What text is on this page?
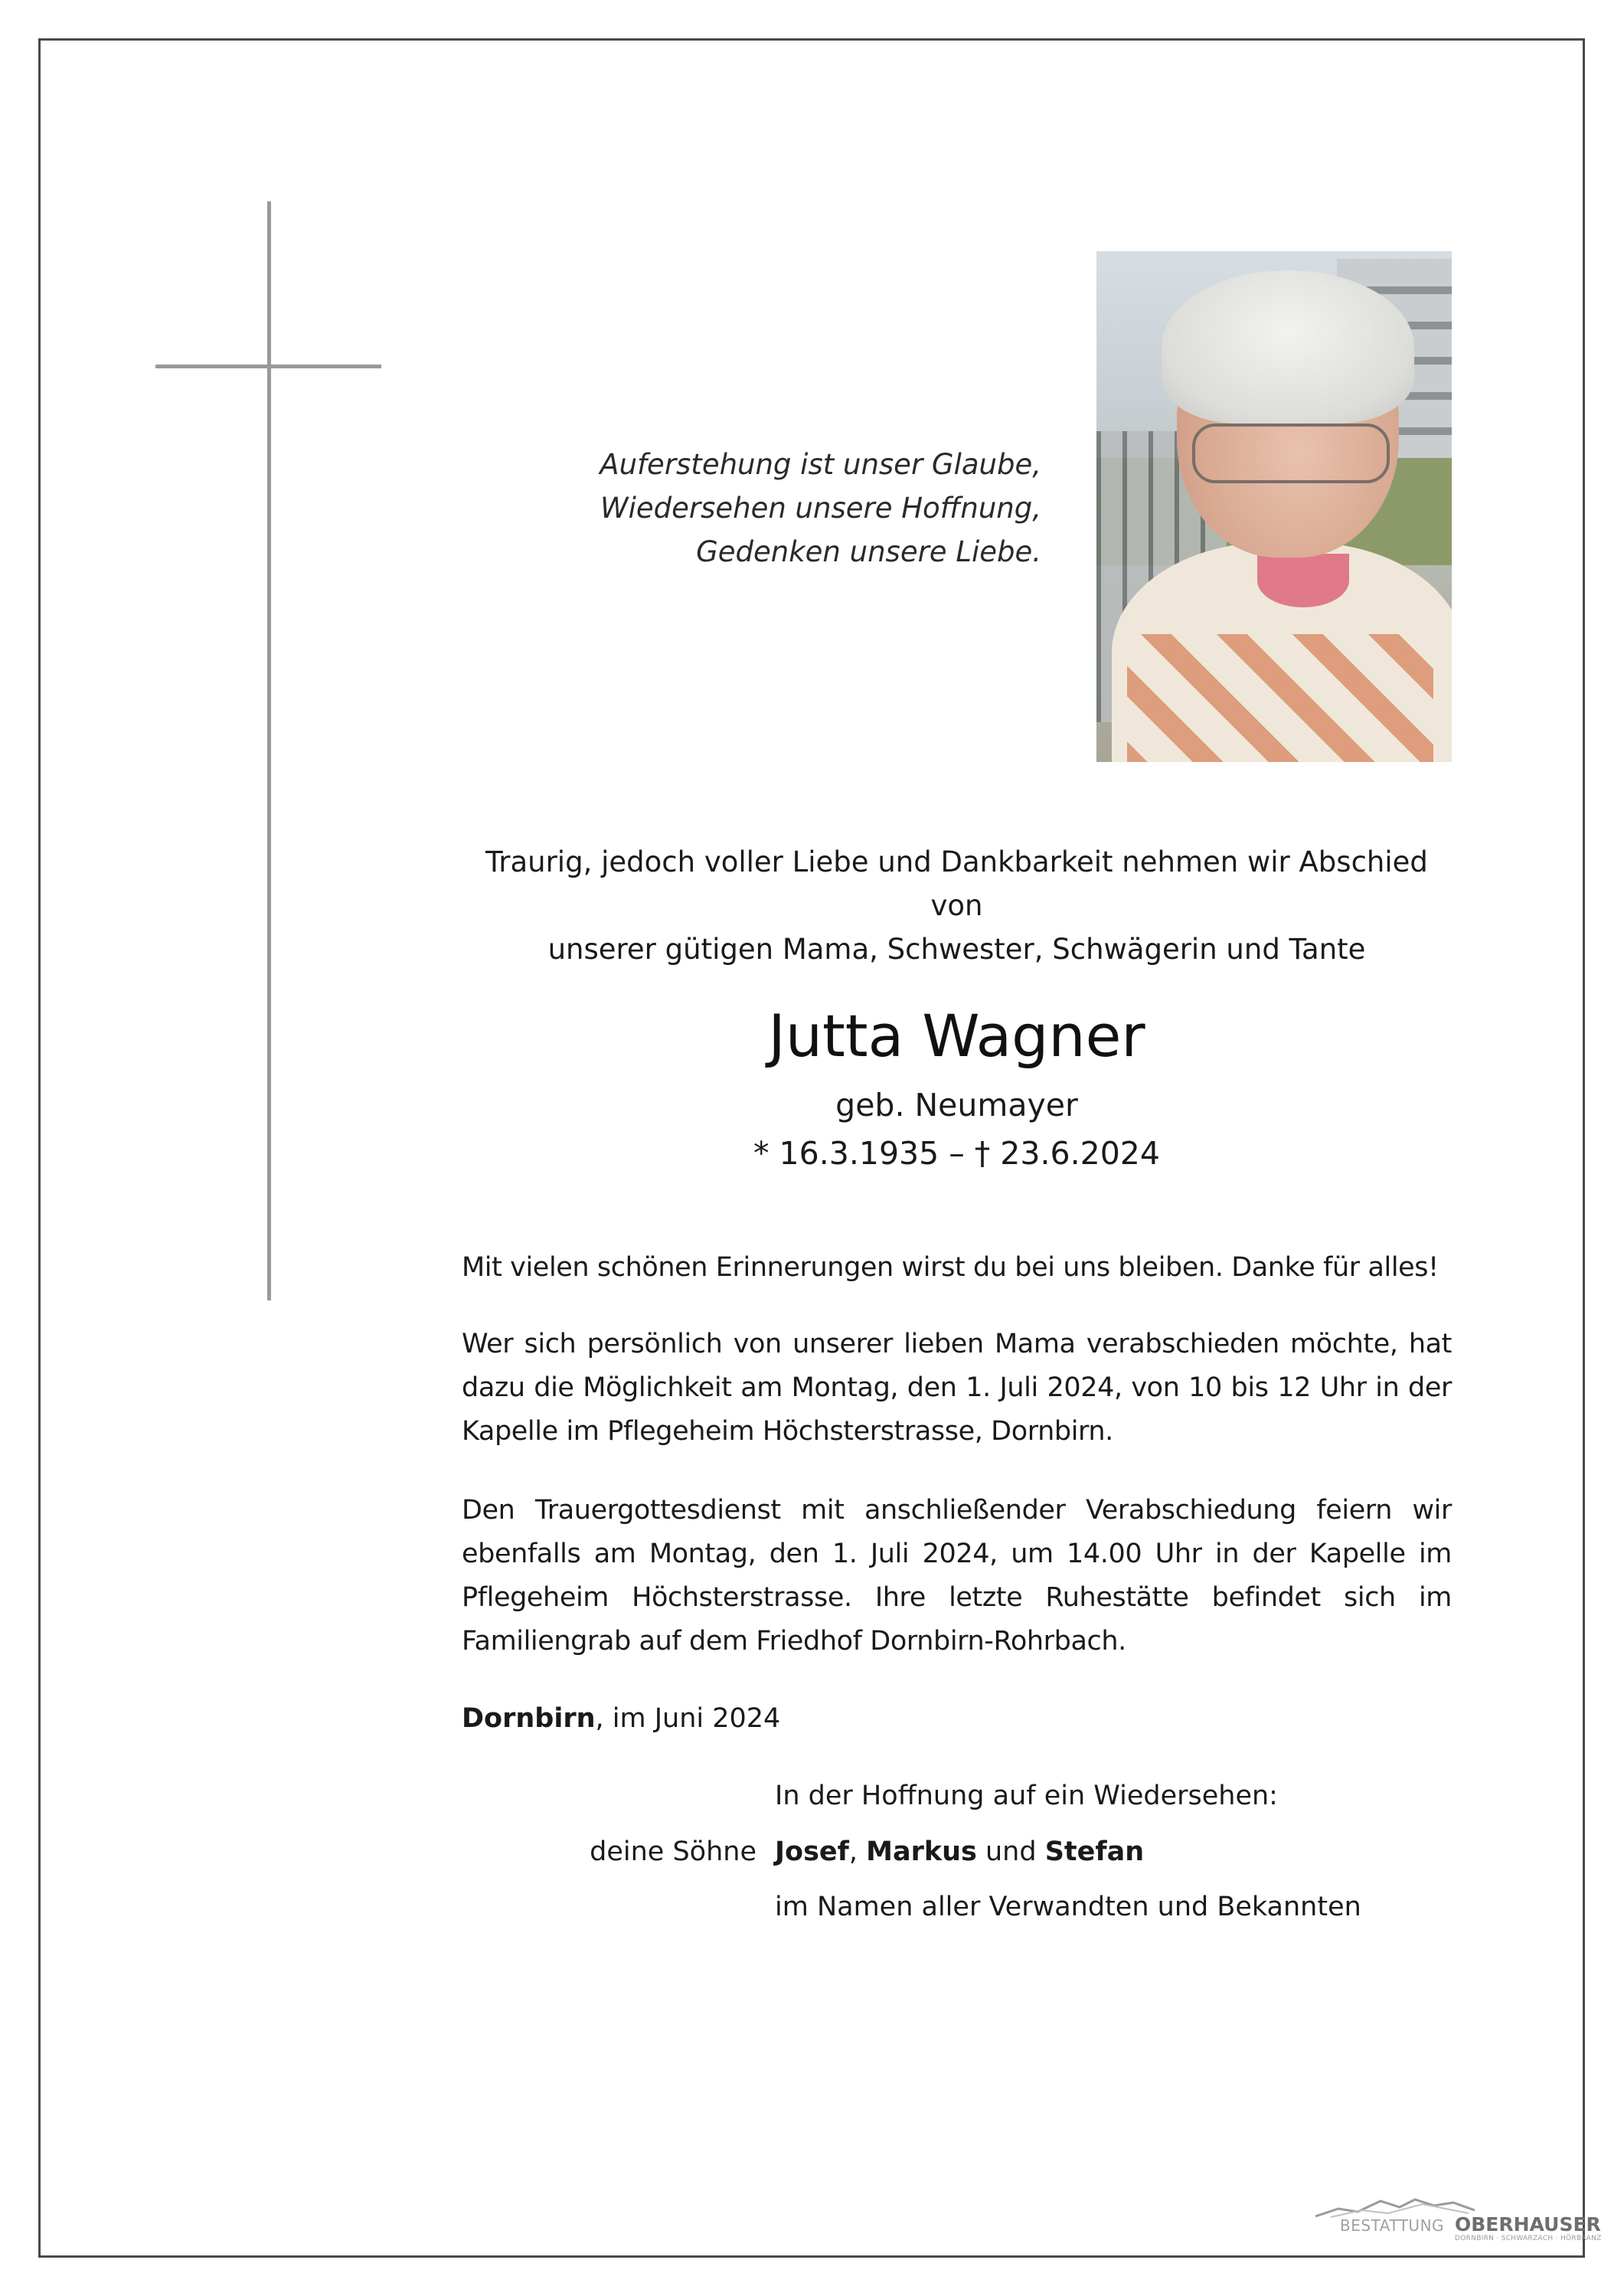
Auferstehung ist unser Glaube,
Wiedersehen unsere Hoffnung,
Gedenken unsere Liebe.
Traurig, jedoch voller Liebe und Dankbarkeit nehmen wir Abschied von
unserer gütigen Mama, Schwester, Schwägerin und Tante
Jutta Wagner
geb. Neumayer
* 16.3.1935 – † 23.6.2024
Mit vielen schönen Erinnerungen wirst du bei uns bleiben. Danke für alles!
Wer sich persönlich von unserer lieben Mama verabschieden möchte, hat dazu die Möglichkeit am Montag, den 1. Juli 2024, von 10 bis 12 Uhr in der Kapelle im Pflegeheim Höchsterstrasse, Dornbirn.
Den Trauergottesdienst mit anschließender Verabschiedung feiern wir ebenfalls am Montag, den 1. Juli 2024, um 14.00 Uhr in der Kapelle im Pflegeheim Höchsterstrasse. Ihre letzte Ruhestätte befindet sich im Familiengrab auf dem Friedhof Dornbirn-Rohrbach.
Dornbirn, im Juni 2024
In der Hoffnung auf ein Wiedersehen:
deine Söhne Josef, Markus und Stefan
im Namen aller Verwandten und Bekannten
BESTATTUNG OBERHAUSER
DORNBIRN · SCHWARZACH · HÖRBRANZ
